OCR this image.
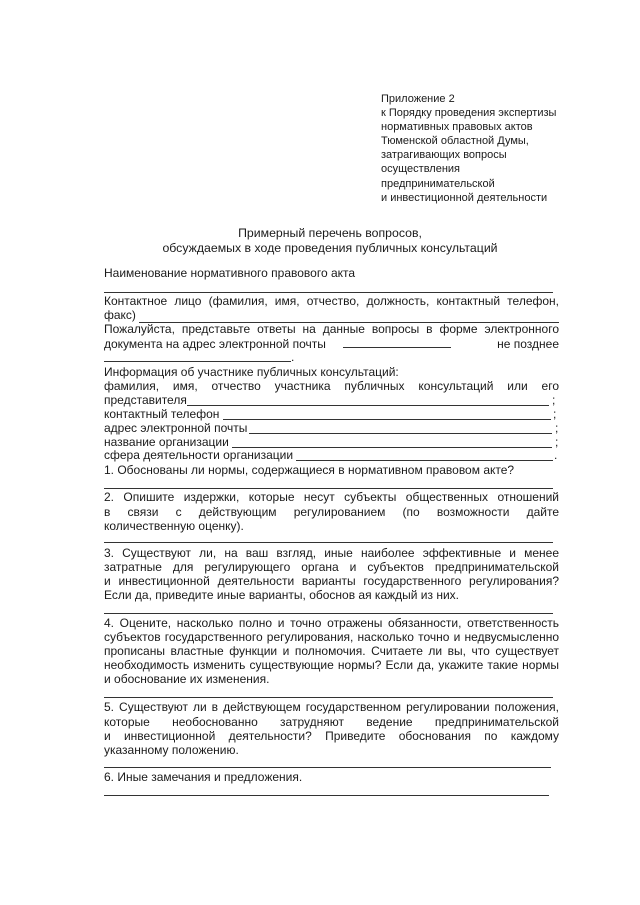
Приложение 2
к Порядку проведения экспертизы
нормативных правовых актов
Тюменской областной Думы,
затрагивающих вопросы
осуществления
предпринимательской
и инвестиционной деятельности
Примерный перечень вопросов,
обсуждаемых в ходе проведения публичных консультаций
Наименование нормативного правового акта
Контактное лицо (фамилия, имя, отчество, должность, контактный телефон,
факс)
Пожалуйста, представьте ответы на данные вопросы в форме электронного
документа на адрес электронной почты	не позднее
.
Информация об участнике публичных консультаций:
фамилия, имя, отчество участника публичных консультаций или его
представителя	;
контактный телефон	;
адрес электронной почты	;
название организации	;
сфера деятельности организации	.
1. Обоснованы ли нормы, содержащиеся в нормативном правовом акте?
2. Опишите издержки, которые несут субъекты общественных отношений
в связи с действующим регулированием (по возможности дайте
количественную оценку).
3. Существуют ли, на ваш взгляд, иные наиболее эффективные и менее
затратные для регулирующего органа и субъектов предпринимательской
и инвестиционной деятельности варианты государственного регулирования?
Если да, приведите иные варианты, обоснов ая каждый из них.
4. Оцените, насколько полно и точно отражены обязанности, ответственность
субъектов государственного регулирования, насколько точно и недвусмысленно
прописаны властные функции и полномочия. Считаете ли вы, что существует
необходимость изменить существующие нормы? Если да, укажите такие нормы
и обоснование их изменения.
5. Существуют ли в действующем государственном регулировании положения,
которые необоснованно затрудняют ведение предпринимательской
и инвестиционной деятельности? Приведите обоснования по каждому
указанному положению.
6. Иные замечания и предложения.
